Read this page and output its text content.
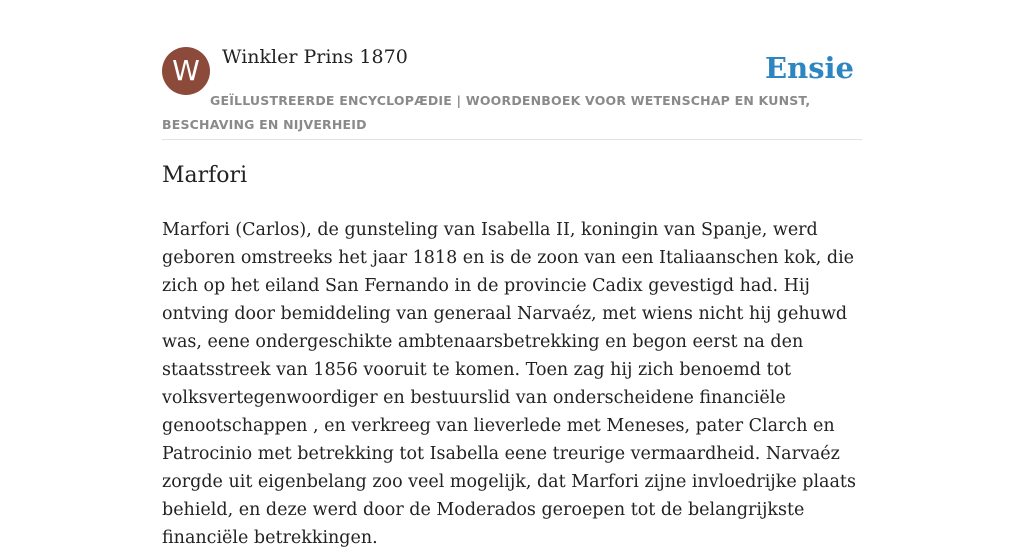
W	Winkler Prins 1870	Ensie
GEÏLLUSTREERDE ENCYCLOPÆDIE | WOORDENBOEK VOOR WETENSCHAP EN KUNST, BESCHAVING EN NIJVERHEID
Marfori

Marfori (Carlos), de gunsteling van Isabella II, koningin van Spanje, werd geboren omstreeks het jaar 1818 en is de zoon van een Italiaanschen kok, die zich op het eiland San Fernando in de provincie Cadix gevestigd had. Hij ontving door bemiddeling van generaal Narvaéz, met wiens nicht hij gehuwd was, eene ondergeschikte ambtenaarsbetrekking en begon eerst na den staatsstreek van 1856 vooruit te komen. Toen zag hij zich benoemd tot volksvertegenwoordiger en bestuurslid van onderscheidene financiële genootschappen , en verkreeg van lieverlede met Meneses, pater Clarch en Patrocinio met betrekking tot Isabella eene treurige vermaardheid. Narvaéz zorgde uit eigenbelang zoo veel mogelijk, dat Marfori zijne invloedrijke plaats behield, en deze werd door de Moderados geroepen tot de belangrijkste financiële betrekkingen.
